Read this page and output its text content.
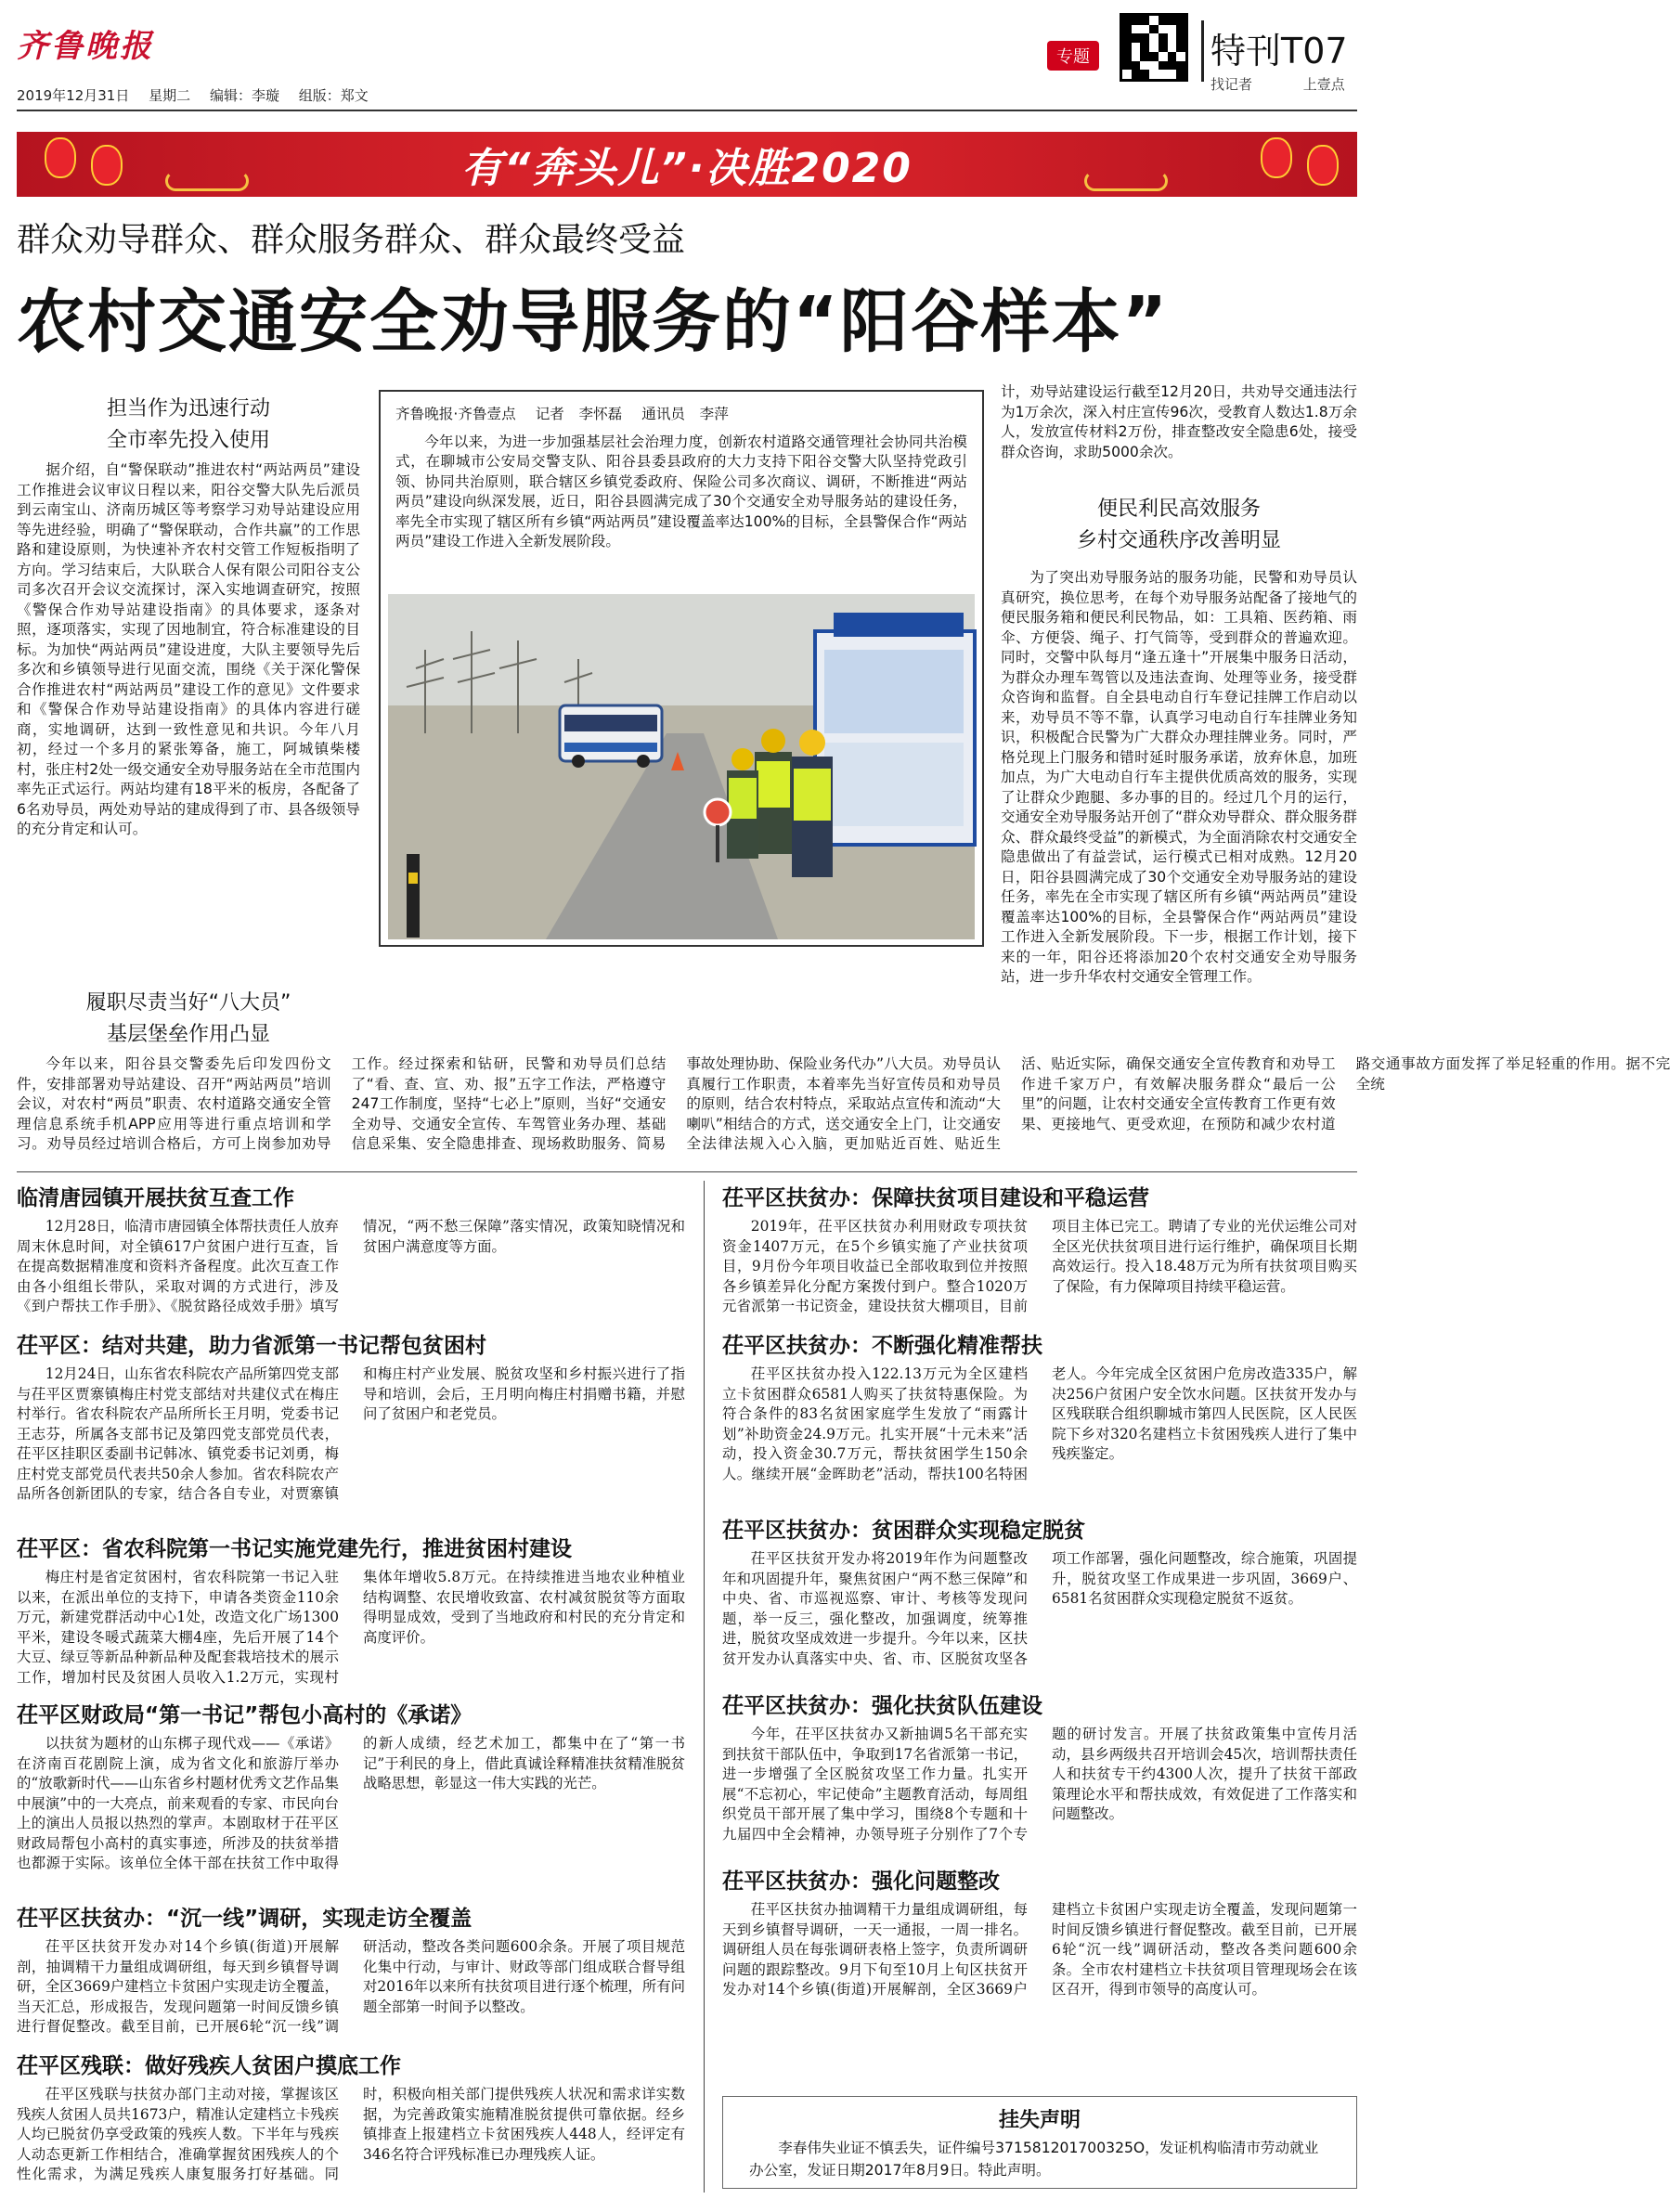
齐鲁晚报
2019年12月31日 星期二 编辑：李璇 组版：郑文
专题	特刊T07
找记者	上壹点
有“奔头儿”·决胜2020
群众劝导群众、群众服务群众、群众最终受益
农村交通安全劝导服务的“阳谷样本”
担当作为迅速行动
全市率先投入使用
据介绍，自“警保联动”推进农村“两站两员”建设工作推进会议审议日程以来，阳谷交警大队先后派员到云南宝山、济南历城区等考察学习劝导站建设应用等先进经验，明确了“警保联动，合作共赢”的工作思路和建设原则，为快速补齐农村交管工作短板指明了方向。学习结束后，大队联合人保有限公司阳谷支公司多次召开会议交流探讨，深入实地调查研究，按照《警保合作劝导站建设指南》的具体要求，逐条对照，逐项落实，实现了因地制宜，符合标准建设的目标。为加快“两站两员”建设进度，大队主要领导先后多次和乡镇领导进行见面交流，围绕《关于深化警保合作推进农村“两站两员”建设工作的意见》文件要求和《警保合作劝导站建设指南》的具体内容进行磋商，实地调研，达到一致性意见和共识。今年八月初，经过一个多月的紧张筹备，施工，阿城镇柴楼村，张庄村2处一级交通安全劝导服务站在全市范围内率先正式运行。两站均建有18平米的板房，各配备了6名劝导员，两处劝导站的建成得到了市、县各级领导的充分肯定和认可。
履职尽责当好“八大员”
基层堡垒作用凸显
今年以来，阳谷县交警委先后印发四份文件，安排部署劝导站建设、召开“两站两员”培训会议，对农村“两员”职责、农村道路交通安全管理信息系统手机APP应用等进行重点培训和学习。劝导员经过培训合格后，方可上岗参加劝导工作。经过探索和钻研，民警和劝导员们总结了“看、查、宣、劝、报”五字工作法，严格遵守247工作制度，坚持“七必上”原则，当好“交通安全劝导、交通安全宣传、车驾管业务办理、基础信息采集、安全隐患排查、现场救助服务、简易事故处理协助、保险业务代办”八大员。劝导员认真履行工作职责，本着率先当好宣传员和劝导员的原则，结合农村特点，采取站点宣传和流动“大喇叭”相结合的方式，送交通安全上门，让交通安全法律法规入心入脑，更加贴近百姓、贴近生活、贴近实际，确保交通安全宣传教育和劝导工作进千家万户，有效解决服务群众“最后一公里”的问题，让农村交通安全宣传教育工作更有效果、更接地气、更受欢迎，在预防和减少农村道路交通事故方面发挥了举足轻重的作用。据不完全统
齐鲁晚报·齐鲁壹点 记者　李怀磊 通讯员　李萍

今年以来，为进一步加强基层社会治理力度，创新农村道路交通管理社会协同共治模式，在聊城市公安局交警支队、阳谷县委县政府的大力支持下阳谷交警大队坚持党政引领、协同共治原则，联合辖区乡镇党委政府、保险公司多次商议、调研，不断推进“两站两员”建设向纵深发展，近日，阳谷县圆满完成了30个交通安全劝导服务站的建设任务，率先全市实现了辖区所有乡镇“两站两员”建设覆盖率达100%的目标，全县警保合作“两站两员”建设工作进入全新发展阶段。

计，劝导站建设运行截至12月20日，共劝导交通违法行为1万余次，深入村庄宣传96次，受教育人数达1.8万余人，发放宣传材料2万份，排查整改安全隐患6处，接受群众咨询，求助5000余次。
便民利民高效服务
乡村交通秩序改善明显
为了突出劝导服务站的服务功能，民警和劝导员认真研究，换位思考，在每个劝导服务站配备了接地气的便民服务箱和便民利民物品，如：工具箱、医药箱、雨伞、方便袋、绳子、打气筒等，受到群众的普遍欢迎。同时，交警中队每月“逢五逢十”开展集中服务日活动，为群众办理车驾管以及违法查询、处理等业务，接受群众咨询和监督。自全县电动自行车登记挂牌工作启动以来，劝导员不等不靠，认真学习电动自行车挂牌业务知识，积极配合民警为广大群众办理挂牌业务。同时，严格兑现上门服务和错时延时服务承诺，放弃休息，加班加点，为广大电动自行车主提供优质高效的服务，实现了让群众少跑腿、多办事的目的。经过几个月的运行，交通安全劝导服务站开创了“群众劝导群众、群众服务群众、群众最终受益”的新模式，为全面消除农村交通安全隐患做出了有益尝试，运行模式已相对成熟。12月20日，阳谷县圆满完成了30个交通安全劝导服务站的建设任务，率先在全市实现了辖区所有乡镇“两站两员”建设覆盖率达100%的目标，全县警保合作“两站两员”建设工作进入全新发展阶段。下一步，根据工作计划，接下来的一年，阳谷还将添加20个农村交通安全劝导服务站，进一步升华农村交通安全管理工作。
临清唐园镇开展扶贫互查工作
12月28日，临清市唐园镇全体帮扶责任人放弃周末休息时间，对全镇617户贫困户进行互查，旨在提高数据精准度和资料齐备程度。此次互查工作由各小组组长带队，采取对调的方式进行，涉及《到户帮扶工作手册》、《脱贫路径成效手册》填写情况，“两不愁三保障”落实情况，政策知晓情况和贫困户满意度等方面。
茌平区：结对共建，助力省派第一书记帮包贫困村
12月24日，山东省农科院农产品所第四党支部与茌平区贾寨镇梅庄村党支部结对共建仪式在梅庄村举行。省农科院农产品所所长王月明，党委书记王志芬，所属各支部书记及第四党支部党员代表，茌平区挂职区委副书记韩冰、镇党委书记刘勇，梅庄村党支部党员代表共50余人参加。省农科院农产品所各创新团队的专家，结合各自专业，对贾寨镇和梅庄村产业发展、脱贫攻坚和乡村振兴进行了指导和培训，会后，王月明向梅庄村捐赠书籍，并慰问了贫困户和老党员。
茌平区：省农科院第一书记实施党建先行，推进贫困村建设
梅庄村是省定贫困村，省农科院第一书记入驻以来，在派出单位的支持下，申请各类资金110余万元，新建党群活动中心1处，改造文化广场1300平米，建设冬暖式蔬菜大棚4座，先后开展了14个大豆、绿豆等新品种新品种及配套栽培技术的展示工作，增加村民及贫困人员收入1.2万元，实现村集体年增收5.8万元。在持续推进当地农业种植业结构调整、农民增收致富、农村减贫脱贫等方面取得明显成效，受到了当地政府和村民的充分肯定和高度评价。
茌平区财政局“第一书记”帮包小高村的《承诺》
以扶贫为题材的山东梆子现代戏——《承诺》在济南百花剧院上演，成为省文化和旅游厅举办的“放歌新时代——山东省乡村题材优秀文艺作品集中展演”中的一大亮点，前来观看的专家、市民向台上的演出人员报以热烈的掌声。本剧取材于茌平区财政局帮包小高村的真实事迹，所涉及的扶贫举措也都源于实际。该单位全体干部在扶贫工作中取得的新人成绩，经艺术加工，都集中在了“第一书记”于利民的身上，借此真诚诠释精准扶贫精准脱贫战略思想，彰显这一伟大实践的光芒。
茌平区扶贫办：“沉一线”调研，实现走访全覆盖
茌平区扶贫开发办对14个乡镇(街道)开展解剖，抽调精干力量组成调研组，每天到乡镇督导调研，全区3669户建档立卡贫困户实现走访全覆盖，当天汇总，形成报告，发现问题第一时间反馈乡镇进行督促整改。截至目前，已开展6轮“沉一线”调研活动，整改各类问题600余条。开展了项目规范化集中行动，与审计、财政等部门组成联合督导组对2016年以来所有扶贫项目进行逐个梳理，所有问题全部第一时间予以整改。
茌平区残联：做好残疾人贫困户摸底工作
茌平区残联与扶贫办部门主动对接，掌握该区残疾人贫困人员共1673户，精准认定建档立卡残疾人均已脱贫仍享受政策的残疾人数。下半年与残疾人动态更新工作相结合，准确掌握贫困残疾人的个性化需求，为满足残疾人康复服务打好基础。同时，积极向相关部门提供残疾人状况和需求详实数据，为完善政策实施精准脱贫提供可靠依据。经乡镇排查上报建档立卡贫困残疾人448人，经评定有346名符合评残标准已办理残疾人证。
茌平区扶贫办：保障扶贫项目建设和平稳运营
2019年，茌平区扶贫办利用财政专项扶贫资金1407万元，在5个乡镇实施了产业扶贫项目，9月份今年项目收益已全部收取到位并按照各乡镇差异化分配方案拨付到户。整合1020万元省派第一书记资金，建设扶贫大棚项目，目前项目主体已完工。聘请了专业的光伏运维公司对全区光伏扶贫项目进行运行维护，确保项目长期高效运行。投入18.48万元为所有扶贫项目购买了保险，有力保障项目持续平稳运营。
茌平区扶贫办：不断强化精准帮扶
茌平区扶贫办投入122.13万元为全区建档立卡贫困群众6581人购买了扶贫特惠保险。为符合条件的83名贫困家庭学生发放了“雨露计划”补助资金24.9万元。扎实开展“十元未来”活动，投入资金30.7万元，帮扶贫困学生150余人。继续开展“金晖助老”活动，帮扶100名特困老人。今年完成全区贫困户危房改造335户，解决256户贫困户安全饮水问题。区扶贫开发办与区残联联合组织聊城市第四人民医院，区人民医院下乡对320名建档立卡贫困残疾人进行了集中残疾鉴定。
茌平区扶贫办：贫困群众实现稳定脱贫
茌平区扶贫开发办将2019年作为问题整改年和巩固提升年，聚焦贫困户“两不愁三保障”和中央、省、市巡视巡察、审计、考核等发现问题，举一反三，强化整改，加强调度，统筹推进，脱贫攻坚成效进一步提升。今年以来，区扶贫开发办认真落实中央、省、市、区脱贫攻坚各项工作部署，强化问题整改，综合施策，巩固提升，脱贫攻坚工作成果进一步巩固，3669户、6581名贫困群众实现稳定脱贫不返贫。
茌平区扶贫办：强化扶贫队伍建设
今年，茌平区扶贫办又新抽调5名干部充实到扶贫干部队伍中，争取到17名省派第一书记，进一步增强了全区脱贫攻坚工作力量。扎实开展“不忘初心，牢记使命”主题教育活动，每周组织党员干部开展了集中学习，围绕8个专题和十九届四中全会精神，办领导班子分别作了7个专题的研讨发言。开展了扶贫政策集中宣传月活动，县乡两级共召开培训会45次，培训帮扶责任人和扶贫专干约4300人次，提升了扶贫干部政策理论水平和帮扶成效，有效促进了工作落实和问题整改。
茌平区扶贫办：强化问题整改
茌平区扶贫办抽调精干力量组成调研组，每天到乡镇督导调研，一天一通报，一周一排名。调研组人员在每张调研表格上签字，负责所调研问题的跟踪整改。9月下旬至10月上旬区扶贫开发办对14个乡镇(街道)开展解剖，全区3669户建档立卡贫困户实现走访全覆盖，发现问题第一时间反馈乡镇进行督促整改。截至目前，已开展6轮“沉一线”调研活动，整改各类问题600余条。全市农村建档立卡扶贫项目管理现场会在该区召开，得到市领导的高度认可。
挂失声明
李春伟失业证不慎丢失，证件编号371581201700325O，发证机构临清市劳动就业办公室，发证日期2017年8月9日。特此声明。
